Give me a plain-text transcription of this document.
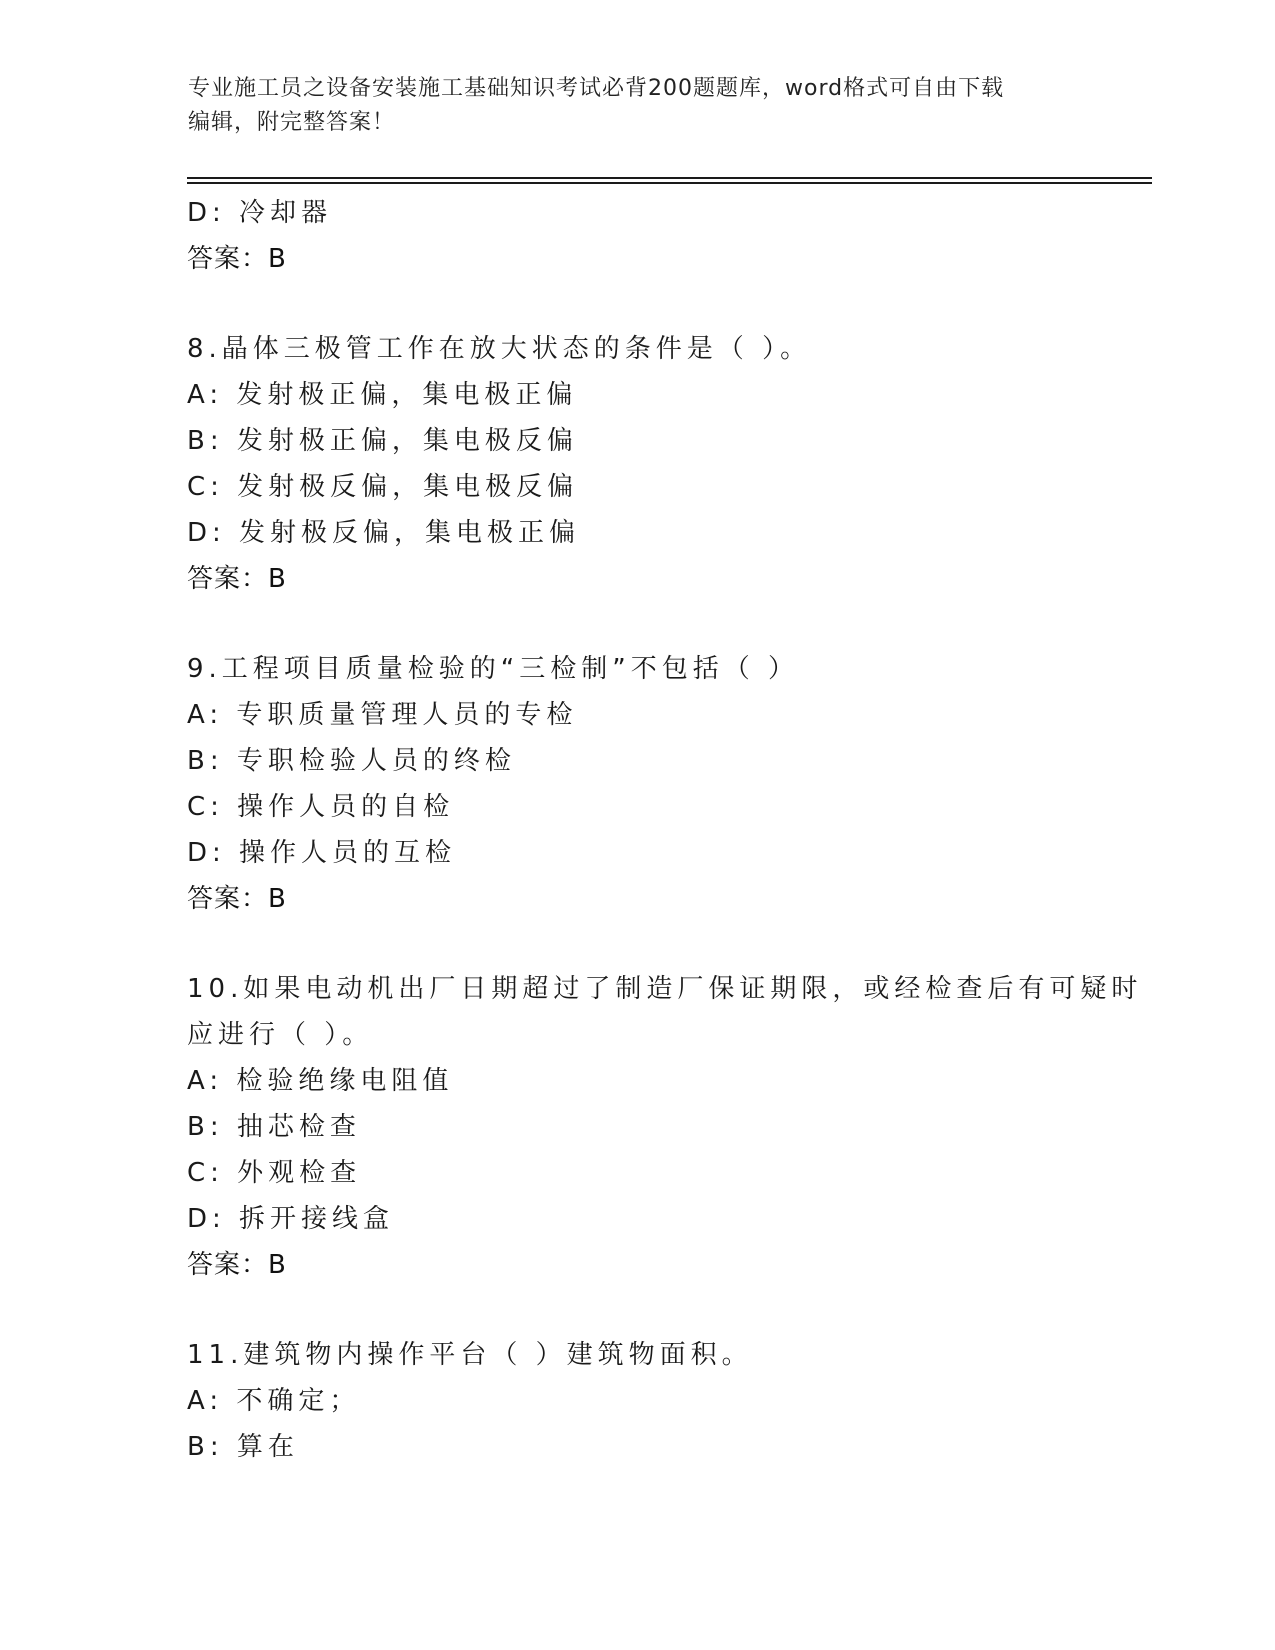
专业施工员之设备安装施工基础知识考试必背200题题库，word格式可自由下载
编辑，附完整答案！
D: 冷却器
答案：B
8.晶体三极管工作在放大状态的条件是（ ）。
A: 发射极正偏，集电极正偏
B: 发射极正偏，集电极反偏
C: 发射极反偏，集电极反偏
D: 发射极反偏，集电极正偏
答案：B
9.工程项目质量检验的“三检制”不包括（ ）
A: 专职质量管理人员的专检
B: 专职检验人员的终检
C: 操作人员的自检
D: 操作人员的互检
答案：B
10.如果电动机出厂日期超过了制造厂保证期限，或经检查后有可疑时
应进行（ ）。
A: 检验绝缘电阻值
B: 抽芯检查
C: 外观检查
D: 拆开接线盒
答案：B
11.建筑物内操作平台（ ）建筑物面积。
A: 不确定；
B: 算在
